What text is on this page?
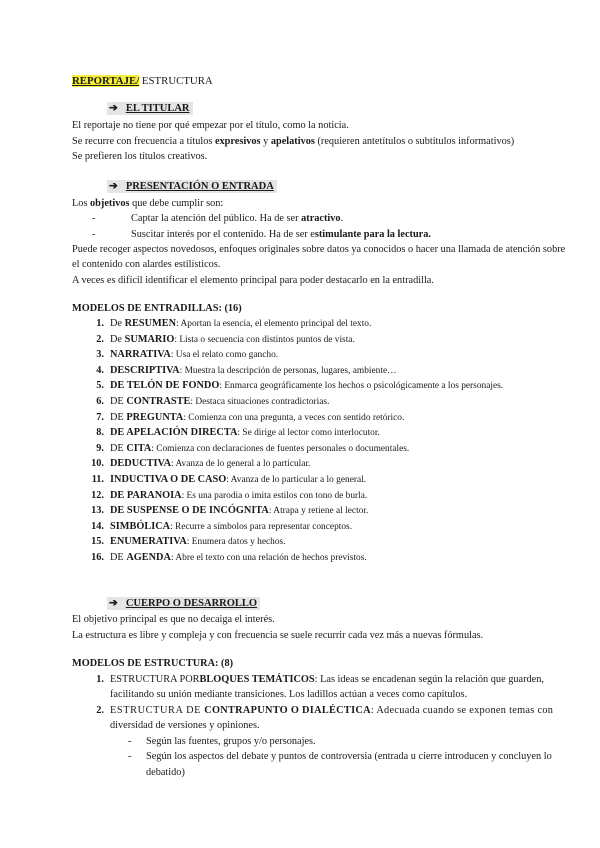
REPORTAJE/ ESTRUCTURA
➔ EL TITULAR
El reportaje no tiene por qué empezar por el título, como la noticia.
Se recurre con frecuencia a títulos expresivos y apelativos (requieren antetítulos o subtítulos informativos)
Se prefieren los títulos creativos.
➔ PRESENTACIÓN O ENTRADA
Los objetivos que debe cumplir son:
-	Captar la atención del público. Ha de ser atractivo.
-	Suscitar interés por el contenido. Ha de ser estimulante para la lectura.
Puede recoger aspectos novedosos, enfoques originales sobre datos ya conocidos o hacer una llamada de atención sobre
el contenido con alardes estilísticos.
A veces es difícil identificar el elemento principal para poder destacarlo en la entradilla.
MODELOS DE ENTRADILLAS: (16)
1. De RESUMEN: Aportan la esencia, el elemento principal del texto.
2. De SUMARIO: Lista o secuencia con distintos puntos de vista.
3. NARRATIVA: Usa el relato como gancho.
4. DESCRIPTIVA: Muestra la descripción de personas, lugares, ambiente…
5. DE TELÓN DE FONDO: Enmarca geográficamente los hechos o psicológicamente a los personajes.
6. DE CONTRASTE: Destaca situaciones contradictorias.
7. DE PREGUNTA: Comienza con una pregunta, a veces con sentido retórico.
8. DE APELACIÓN DIRECTA: Se dirige al lector como interlocutor.
9. DE CITA: Comienza con declaraciones de fuentes personales o documentales.
10. DEDUCTIVA: Avanza de lo general a lo particular.
11. INDUCTIVA O DE CASO: Avanza de lo particular a lo general.
12. DE PARANOIA: Es una parodia o imita estilos con tono de burla.
13. DE SUSPENSE O DE INCÓGNITA: Atrapa y retiene al lector.
14. SIMBÓLICA: Recurre a símbolos para representar conceptos.
15. ENUMERATIVA: Enumera datos y hechos.
16. DE AGENDA: Abre el texto con una relación de hechos previstos.
➔ CUERPO O DESARROLLO
El objetivo principal es que no decaiga el interés.
La estructura es libre y compleja y con frecuencia se suele recurrir cada vez más a nuevas fórmulas.
MODELOS DE ESTRUCTURA: (8)
1. ESTRUCTURA POR BLOQUES TEMÁTICOS: Las ideas se encadenan según la relación que guarden,
facilitando su unión mediante transiciones. Los ladillos actúan a veces como capítulos.
2. ESTRUCTURA DE CONTRAPUNTO O DIALÉCTICA: Adecuada cuando se exponen temas con
diversidad de versiones y opiniones.
- Según las fuentes, grupos y/o personajes.
- Según los aspectos del debate y puntos de controversia (entrada u cierre introducen y concluyen lo
debatido)
